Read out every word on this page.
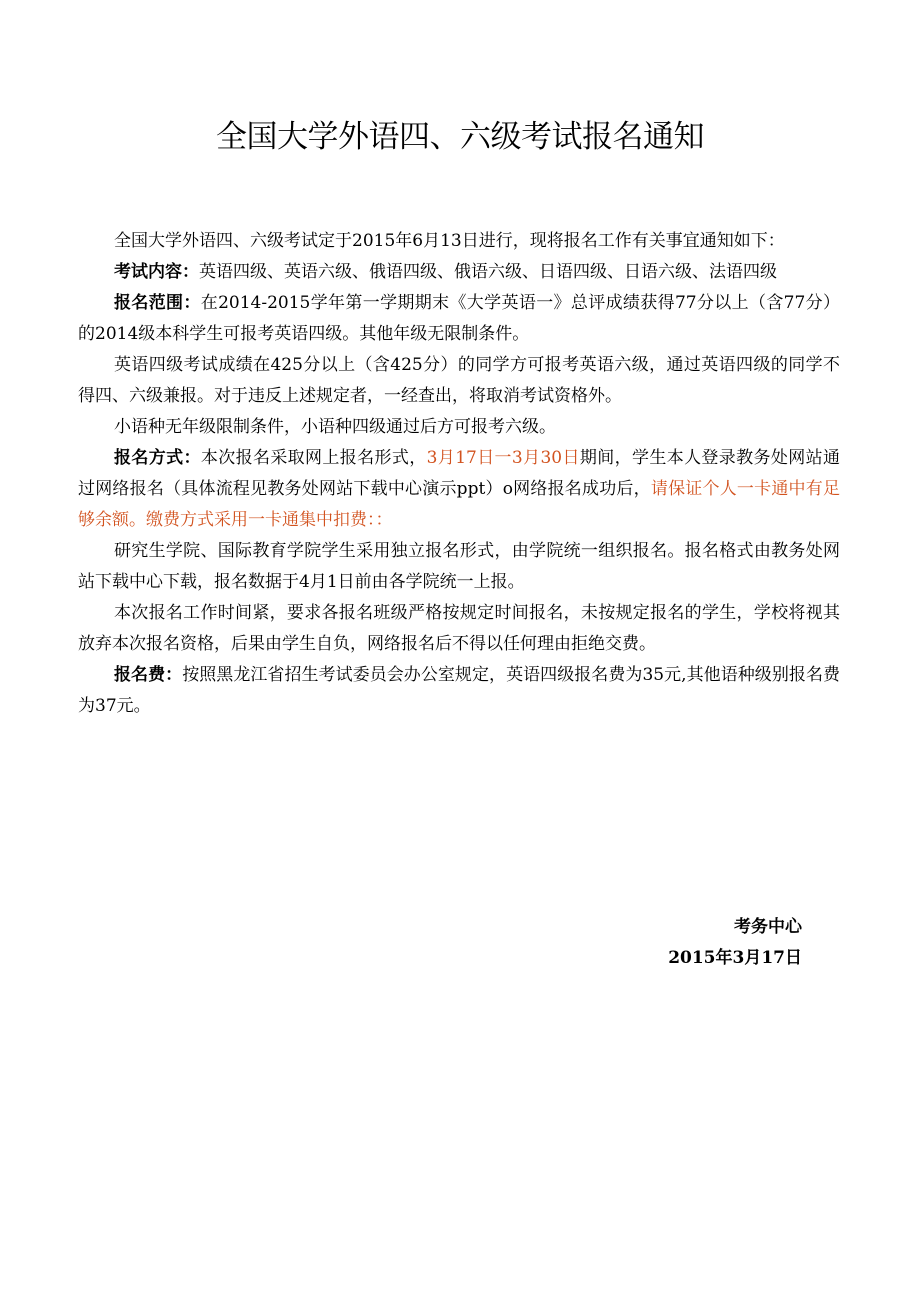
全国大学外语四、六级考试报名通知

全国大学外语四、六级考试定于2015年6月13日进行，现将报名工作有关事宜通知如下：

考试内容：英语四级、英语六级、俄语四级、俄语六级、日语四级、日语六级、法语四级

报名范围：在2014-2015学年第一学期期末《大学英语一》总评成绩获得77分以上（含77分）的2014级本科学生可报考英语四级。其他年级无限制条件。

英语四级考试成绩在425分以上（含425分）的同学方可报考英语六级，通过英语四级的同学不得四、六级兼报。对于违反上述规定者，一经查出，将取消考试资格外。

小语种无年级限制条件，小语种四级通过后方可报考六级。

报名方式：本次报名采取网上报名形式，3月17日一3月30日期间，学生本人登录教务处网站通过网络报名（具体流程见教务处网站下载中心演示ppt）o网络报名成功后，请保证个人一卡通中有足够余额。缴费方式采用一卡通集中扣费：：

研究生学院、国际教育学院学生采用独立报名形式，由学院统一组织报名。报名格式由教务处网站下载中心下载，报名数据于4月1日前由各学院统一上报。

本次报名工作时间紧，要求各报名班级严格按规定时间报名，未按规定报名的学生，学校将视其放弃本次报名资格，后果由学生自负，网络报名后不得以任何理由拒绝交费。

报名费：按照黑龙江省招生考试委员会办公室规定，英语四级报名费为35元,其他语种级别报名费为37元。

考务中心
2015年3月17日
